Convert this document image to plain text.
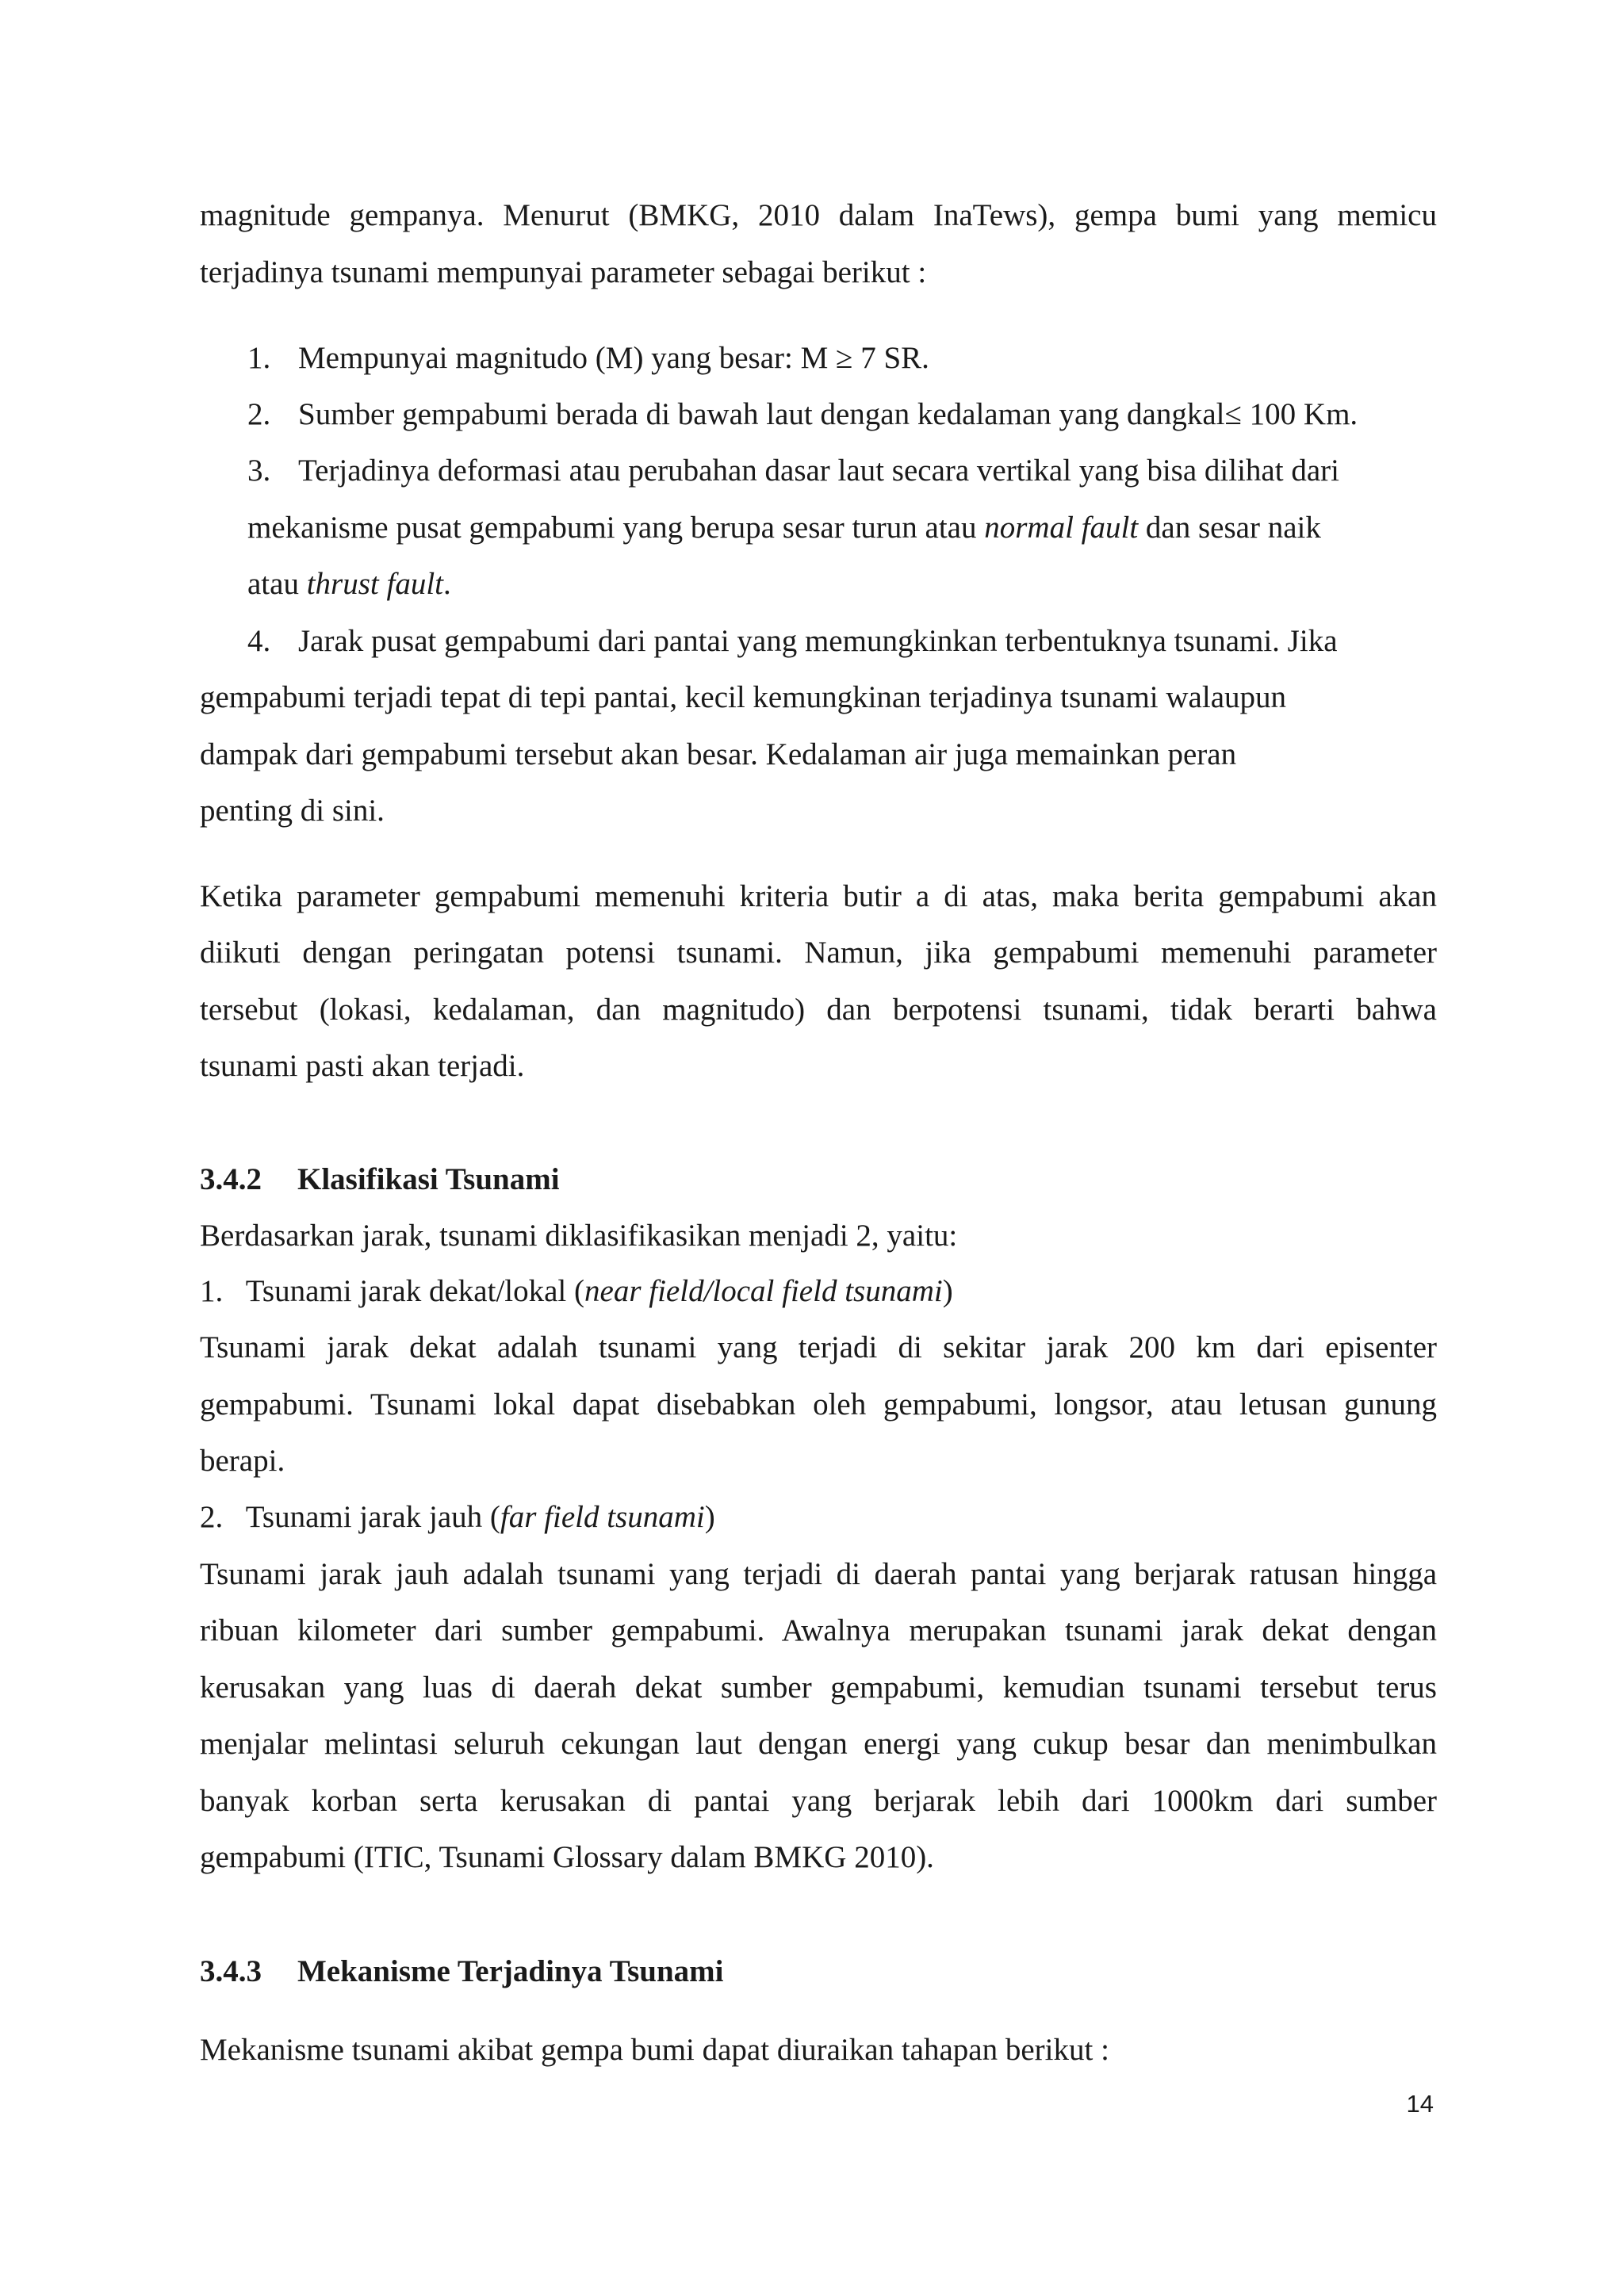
magnitude gempanya. Menurut (BMKG, 2010 dalam InaTews), gempa bumi yang memicu
terjadinya tsunami mempunyai parameter sebagai berikut :
1. Mempunyai magnitudo (M) yang besar: M ≥ 7 SR.
2. Sumber gempabumi berada di bawah laut dengan kedalaman yang dangkal≤ 100 Km.
3. Terjadinya deformasi atau perubahan dasar laut secara vertikal yang bisa dilihat dari
mekanisme pusat gempabumi yang berupa sesar turun atau normal fault dan sesar naik
atau thrust fault.
4. Jarak pusat gempabumi dari pantai yang memungkinkan terbentuknya tsunami. Jika
gempabumi terjadi tepat di tepi pantai, kecil kemungkinan terjadinya tsunami walaupun
dampak dari gempabumi tersebut akan besar. Kedalaman air juga memainkan peran
penting di sini.
Ketika parameter gempabumi memenuhi kriteria butir a di atas, maka berita gempabumi akan
diikuti dengan peringatan potensi tsunami. Namun, jika gempabumi memenuhi parameter
tersebut (lokasi, kedalaman, dan magnitudo) dan berpotensi tsunami, tidak berarti bahwa
tsunami pasti akan terjadi.
3.4.2 Klasifikasi Tsunami
Berdasarkan jarak, tsunami diklasifikasikan menjadi 2, yaitu:
1.   Tsunami jarak dekat/lokal (near field/local field tsunami)
Tsunami jarak dekat adalah tsunami yang terjadi di sekitar jarak 200 km dari episenter
gempabumi. Tsunami lokal dapat disebabkan oleh gempabumi, longsor, atau letusan gunung
berapi.
2.   Tsunami jarak jauh (far field tsunami)
Tsunami jarak jauh adalah tsunami yang terjadi di daerah pantai yang berjarak ratusan hingga
ribuan kilometer dari sumber gempabumi. Awalnya merupakan tsunami jarak dekat dengan
kerusakan yang luas di daerah dekat sumber gempabumi, kemudian tsunami tersebut terus
menjalar melintasi seluruh cekungan laut dengan energi yang cukup besar dan menimbulkan
banyak korban serta kerusakan di pantai yang berjarak lebih dari 1000km dari sumber
gempabumi (ITIC, Tsunami Glossary dalam BMKG 2010).
3.4.3 Mekanisme Terjadinya Tsunami
Mekanisme tsunami akibat gempa bumi dapat diuraikan tahapan berikut :
14
